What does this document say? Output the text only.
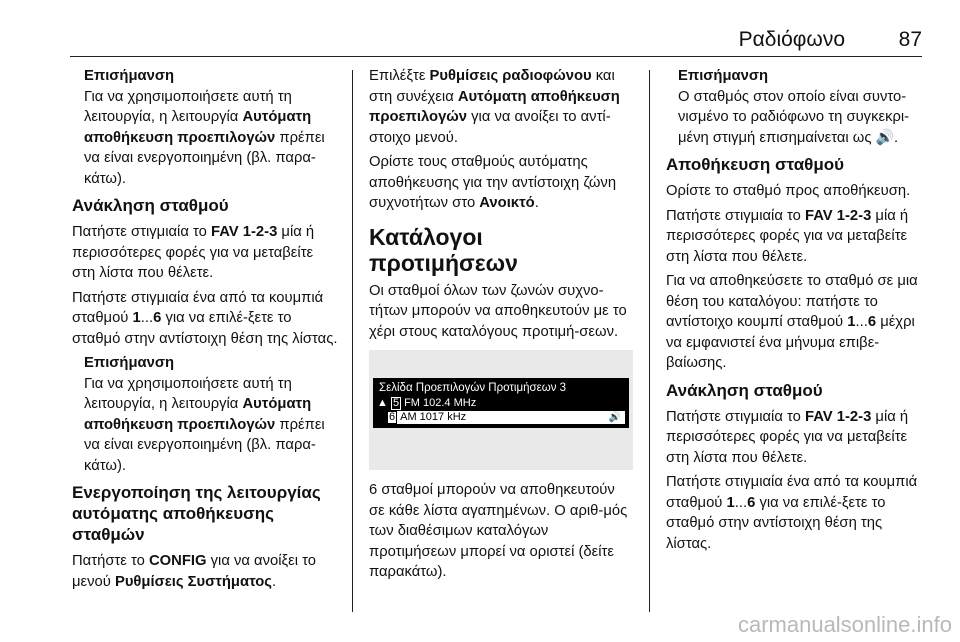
Ραδιόφωνο	87
Επισήμανση
Για να χρησιμοποιήσετε αυτή τη λειτουργία, η λειτουργία Αυτόματη αποθήκευση προεπιλογών πρέπει να είναι ενεργοποιημένη (βλ. παρα‐κάτω).
Ανάκληση σταθμού

Πατήστε στιγμιαία το FAV 1-2-3 μία ή περισσότερες φορές για να μεταβείτε στη λίστα που θέλετε.

Πατήστε στιγμιαία ένα από τα κουμπιά σταθμού 1...6 για να επιλέ‐ξετε το σταθμό στην αντίστοιχη θέση της λίστας.

Επισήμανση
Για να χρησιμοποιήσετε αυτή τη λειτουργία, η λειτουργία Αυτόματη αποθήκευση προεπιλογών πρέπει να είναι ενεργοποιημένη (βλ. παρα‐κάτω).
Ενεργοποίηση της λειτουργίας αυτόματης αποθήκευσης σταθμών

Πατήστε το CONFIG για να ανοίξει το μενού Ρυθμίσεις Συστήματος.

Επιλέξτε Ρυθμίσεις ραδιοφώνου και στη συνέχεια Αυτόματη αποθήκευση προεπιλογών για να ανοίξει το αντί‐στοιχο μενού.

Ορίστε τους σταθμούς αυτόματης αποθήκευσης για την αντίστοιχη ζώνη συχνοτήτων στο Ανοικτό.

Κατάλογοι προτιμήσεων

Οι σταθμοί όλων των ζωνών συχνο‐τήτων μπορούν να αποθηκευτούν με το χέρι στους καταλόγους προτιμή‐σεων.

Σελίδα Προεπιλογών Προτιμήσεων 3
▲ 5 FM 102.4 MHz
6 AM 1017 kHz	🔊

6 σταθμοί μπορούν να αποθηκευτούν σε κάθε λίστα αγαπημένων. Ο αριθ‐μός των διαθέσιμων καταλόγων προτιμήσεων μπορεί να οριστεί (δείτε παρακάτω).

Επισήμανση
Ο σταθμός στον οποίο είναι συντο‐νισμένο το ραδιόφωνο τη συγκεκρι‐μένη στιγμή επισημαίνεται ως 🔊.
Αποθήκευση σταθμού

Ορίστε το σταθμό προς αποθήκευση.

Πατήστε στιγμιαία το FAV 1-2-3 μία ή περισσότερες φορές για να μεταβείτε στη λίστα που θέλετε.

Για να αποθηκεύσετε το σταθμό σε μια θέση του καταλόγου: πατήστε το αντίστοιχο κουμπί σταθμού 1...6 μέχρι να εμφανιστεί ένα μήνυμα επιβε‐βαίωσης.

Ανάκληση σταθμού

Πατήστε στιγμιαία το FAV 1-2-3 μία ή περισσότερες φορές για να μεταβείτε στη λίστα που θέλετε.

Πατήστε στιγμιαία ένα από τα κουμπιά σταθμού 1...6 για να επιλέ‐ξετε το σταθμό στην αντίστοιχη θέση της λίστας.

carmanualsonline.info
